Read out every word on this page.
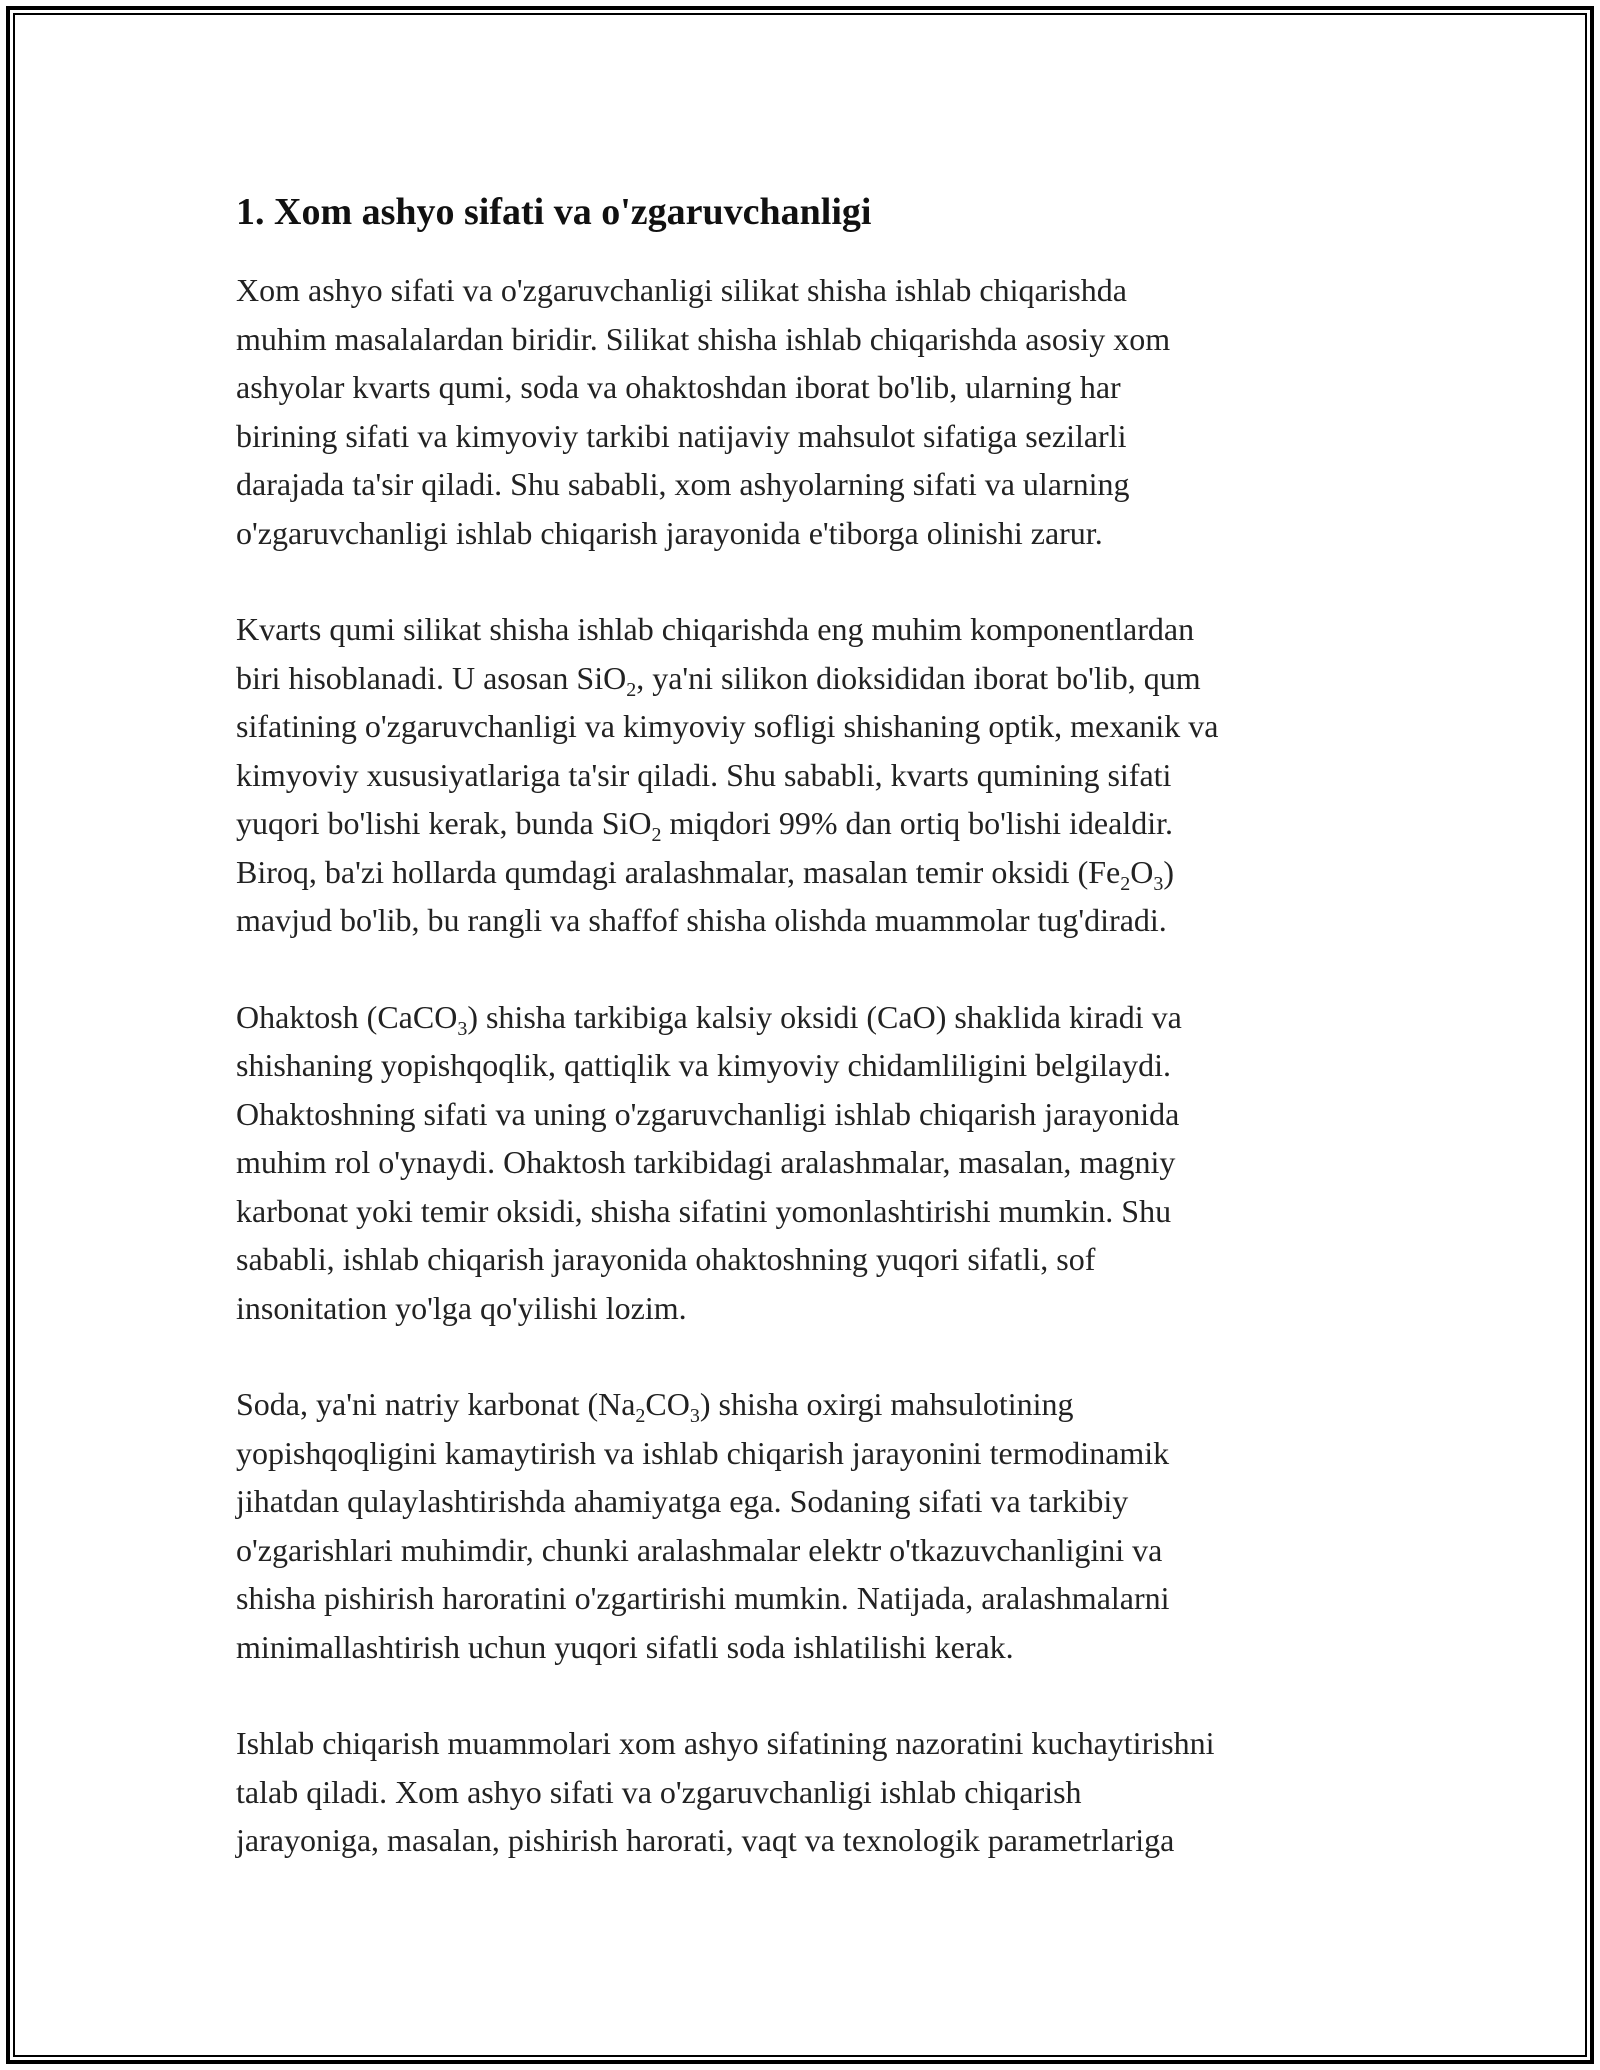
1. Xom ashyo sifati va o'zgaruvchanligi

Xom ashyo sifati va o'zgaruvchanligi silikat shisha ishlab chiqarishda
muhim masalalardan biridir. Silikat shisha ishlab chiqarishda asosiy xom
ashyolar kvarts qumi, soda va ohaktoshdan iborat bo'lib, ularning har
birining sifati va kimyoviy tarkibi natijaviy mahsulot sifatiga sezilarli
darajada ta'sir qiladi. Shu sababli, xom ashyolarning sifati va ularning
o'zgaruvchanligi ishlab chiqarish jarayonida e'tiborga olinishi zarur.

Kvarts qumi silikat shisha ishlab chiqarishda eng muhim komponentlardan
biri hisoblanadi. U asosan SiO$_2$, ya'ni silikon dioksididan iborat bo'lib, qum
sifatining o'zgaruvchanligi va kimyoviy sofligi shishaning optik, mexanik va
kimyoviy xususiyatlariga ta'sir qiladi. Shu sababli, kvarts qumining sifati
yuqori bo'lishi kerak, bunda SiO$_2$ miqdori 99% dan ortiq bo'lishi idealdir.
Biroq, ba'zi hollarda qumdagi aralashmalar, masalan temir oksidi $(Fe_2O_3)$
mavjud bo'lib, bu rangli va shaffof shisha olishda muammolar tug'diradi.

Ohaktosh (CaCO$_3$) shisha tarkibiga kalsiy oksidi (CaO) shaklida kiradi va
shishaning yopishqoqlik, qattiqlik va kimyoviy chidamliligini belgilaydi.
Ohaktoshning sifati va uning o'zgaruvchanligi ishlab chiqarish jarayonida
muhim rol o'ynaydi. Ohaktosh tarkibidagi aralashmalar, masalan, magniy
karbonat yoki temir oksidi, shisha sifatini yomonlashtirishi mumkin. Shu
sababli, ishlab chiqarish jarayonida ohaktoshning yuqori sifatli, sof
insonitation yo'lga qo'yilishi lozim.

Soda, ya'ni natriy karbonat $(Na_2CO_3)$ shisha oxirgi mahsulotining
yopishqoqligini kamaytirish va ishlab chiqarish jarayonini termodinamik
jihatdan qulaylashtirishda ahamiyatga ega. Sodaning sifati va tarkibiy
o'zgarishlari muhimdir, chunki aralashmalar elektr o'tkazuvchanligini va
shisha pishirish haroratini o'zgartirishi mumkin. Natijada, aralashmalarni
minimallashtirish uchun yuqori sifatli soda ishlatilishi kerak.

Ishlab chiqarish muammolari xom ashyo sifatining nazoratini kuchaytirishni
talab qiladi. Xom ashyo sifati va o'zgaruvchanligi ishlab chiqarish
jarayoniga, masalan, pishirish harorati, vaqt va texnologik parametrlariga
